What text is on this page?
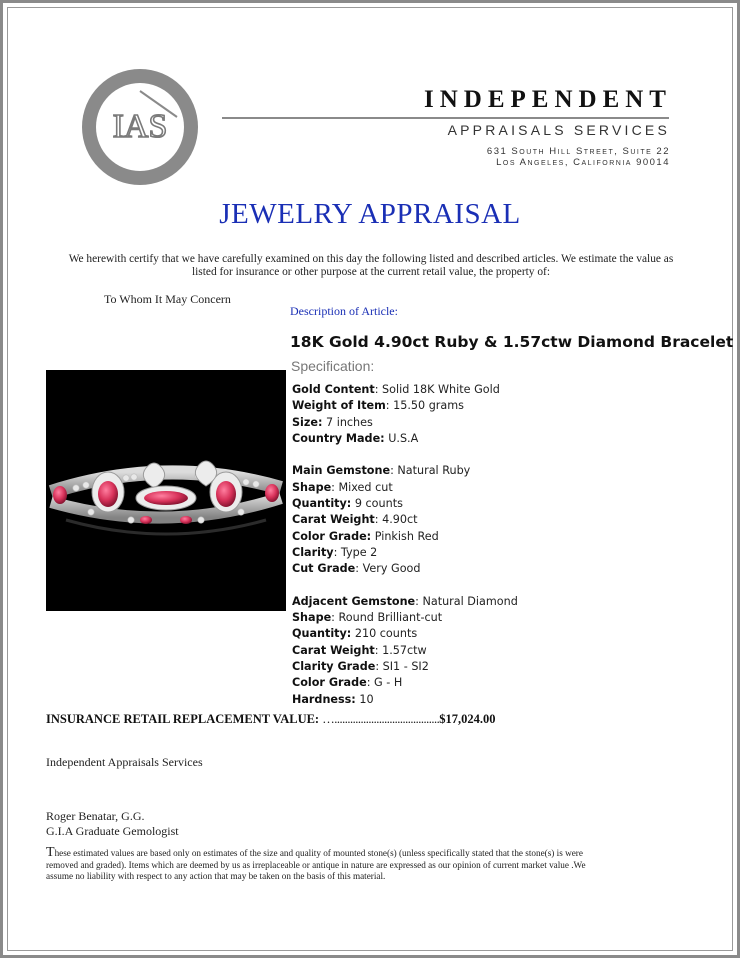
IAS
Appraisal
INDEPENDENT
APPRAISALS SERVICES
631 South Hill Street, Suite 22
Los Angeles, California 90014
JEWELRY APPRAISAL
We herewith certify that we have carefully examined on this day the following listed and described articles. We estimate the value as listed for insurance or other purpose at the current retail value, the property of:
To Whom It May Concern
Description of Article:
18K Gold 4.90ct Ruby & 1.57ctw Diamond Bracelet
Specification:
Gold Content: Solid 18K White Gold
Weight of Item: 15.50 grams
Size: 7 inches
Country Made: U.S.A
Main Gemstone: Natural Ruby
Shape: Mixed cut
Quantity: 9 counts
Carat Weight: 4.90ct
Color Grade: Pinkish Red
Clarity: Type 2
Cut Grade: Very Good
Adjacent Gemstone: Natural Diamond
Shape: Round Brilliant-cut
Quantity: 210 counts
Carat Weight: 1.57ctw
Clarity Grade: SI1 - SI2
Color Grade: G - H
Hardness: 10
INSURANCE RETAIL REPLACEMENT VALUE: …........................................$17,024.00
Independent Appraisals Services
Roger Benatar, G.G.
G.I.A Graduate Gemologist
These estimated values are based only on estimates of the size and quality of mounted stone(s) (unless specifically stated that the stone(s) is were removed and graded). Items which are deemed by us as irreplaceable or antique in nature are expressed as our opinion of current market value .We assume no liability with respect to any action that may be taken on the basis of this material.
